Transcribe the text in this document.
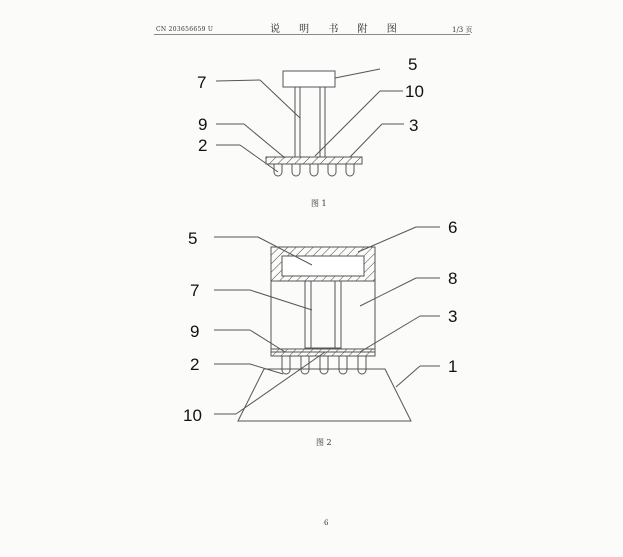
CN 203656659 U	说 明 书 附 图	1/3 页
7
5
10
9	3
2
图 1
5
6
8
7
3
9
2	1
10
图 2
6
